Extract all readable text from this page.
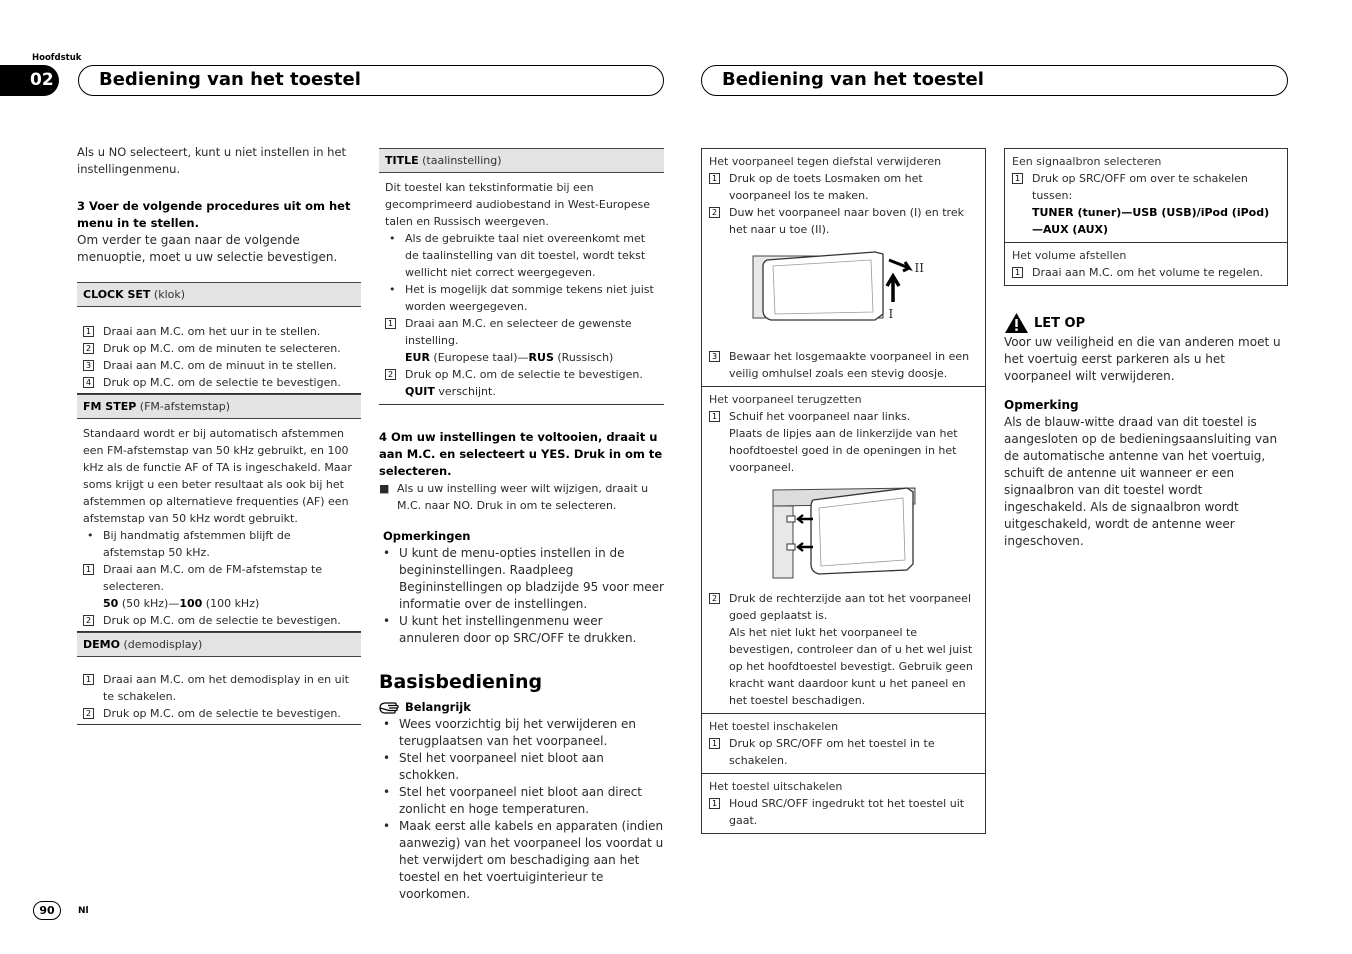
Hoofdstuk
02	Bediening van het toestel	Bediening van het toestel
Als u NO selecteert, kunt u niet instellen in het instellingenmenu.
3 Voer de volgende procedures uit om het menu in te stellen.
Om verder te gaan naar de volgende menuoptie, moet u uw selectie bevestigen.
CLOCK SET (klok)
1 Draai aan M.C. om het uur in te stellen.
2 Druk op M.C. om de minuten te selecteren.
3 Draai aan M.C. om de minuut in te stellen.
4 Druk op M.C. om de selectie te bevestigen.
FM STEP (FM-afstemstap)
Standaard wordt er bij automatisch afstemmen een FM-afstemstap van 50 kHz gebruikt, en 100 kHz als de functie AF of TA is ingeschakeld. Maar soms krijgt u een beter resultaat als ook bij het afstemmen op alternatieve frequenties (AF) een afstemstap van 50 kHz wordt gebruikt.
• Bij handmatig afstemmen blijft de afstemstap 50 kHz.
1 Draai aan M.C. om de FM-afstemstap te selecteren.
50 (50 kHz)—100 (100 kHz)
2 Druk op M.C. om de selectie te bevestigen.
DEMO (demodisplay)
1 Draai aan M.C. om het demodisplay in en uit te schakelen.
2 Druk op M.C. om de selectie te bevestigen.
TITLE (taalinstelling)
Dit toestel kan tekstinformatie bij een gecomprimeerd audiobestand in West-Europese talen en Russisch weergeven.
• Als de gebruikte taal niet overeenkomt met de taalinstelling van dit toestel, wordt tekst wellicht niet correct weergegeven.
• Het is mogelijk dat sommige tekens niet juist worden weergegeven.
1 Draai aan M.C. en selecteer de gewenste instelling.
EUR (Europese taal)—RUS (Russisch)
2 Druk op M.C. om de selectie te bevestigen.
QUIT verschijnt.
4 Om uw instellingen te voltooien, draait u aan M.C. en selecteert u YES. Druk in om te selecteren.
■ Als u uw instelling weer wilt wijzigen, draait u M.C. naar NO. Druk in om te selecteren.
Opmerkingen
• U kunt de menu-opties instellen in de begininstellingen. Raadpleeg Begininstellingen op bladzijde 95 voor meer informatie over de instellingen.
• U kunt het instellingenmenu weer annuleren door op SRC/OFF te drukken.
Basisbediening
Belangrijk
• Wees voorzichtig bij het verwijderen en terugplaatsen van het voorpaneel.
• Stel het voorpaneel niet bloot aan schokken.
• Stel het voorpaneel niet bloot aan direct zonlicht en hoge temperaturen.
• Maak eerst alle kabels en apparaten (indien aanwezig) van het voorpaneel los voordat u het verwijdert om beschadiging aan het toestel en het voertuiginterieur te voorkomen.
Het voorpaneel tegen diefstal verwijderen
1 Druk op de toets Losmaken om het voorpaneel los te maken.
2 Duw het voorpaneel naar boven (I) en trek het naar u toe (II).
II
I
3 Bewaar het losgemaakte voorpaneel in een veilig omhulsel zoals een stevig doosje.
Het voorpaneel terugzetten
1 Schuif het voorpaneel naar links.
Plaats de lipjes aan de linkerzijde van het hoofdtoestel goed in de openingen in het voorpaneel.
2 Druk de rechterzijde aan tot het voorpaneel goed geplaatst is.
Als het niet lukt het voorpaneel te bevestigen, controleer dan of u het wel juist op het hoofdtoestel bevestigt. Gebruik geen kracht want daardoor kunt u het paneel en het toestel beschadigen.
Het toestel inschakelen
1 Druk op SRC/OFF om het toestel in te schakelen.
Het toestel uitschakelen
1 Houd SRC/OFF ingedrukt tot het toestel uit gaat.
Een signaalbron selecteren
1 Druk op SRC/OFF om over te schakelen tussen:
TUNER (tuner)—USB (USB)/iPod (iPod)—AUX (AUX)
Het volume afstellen
1 Draai aan M.C. om het volume te regelen.
LET OP
Voor uw veiligheid en die van anderen moet u het voertuig eerst parkeren als u het voorpaneel wilt verwijderen.
Opmerking
Als de blauw-witte draad van dit toestel is aangesloten op de bedieningsaansluiting van de automatische antenne van het voertuig, schuift de antenne uit wanneer er een signaalbron van dit toestel wordt ingeschakeld. Als de signaalbron wordt uitgeschakeld, wordt de antenne weer ingeschoven.
90	Nl
